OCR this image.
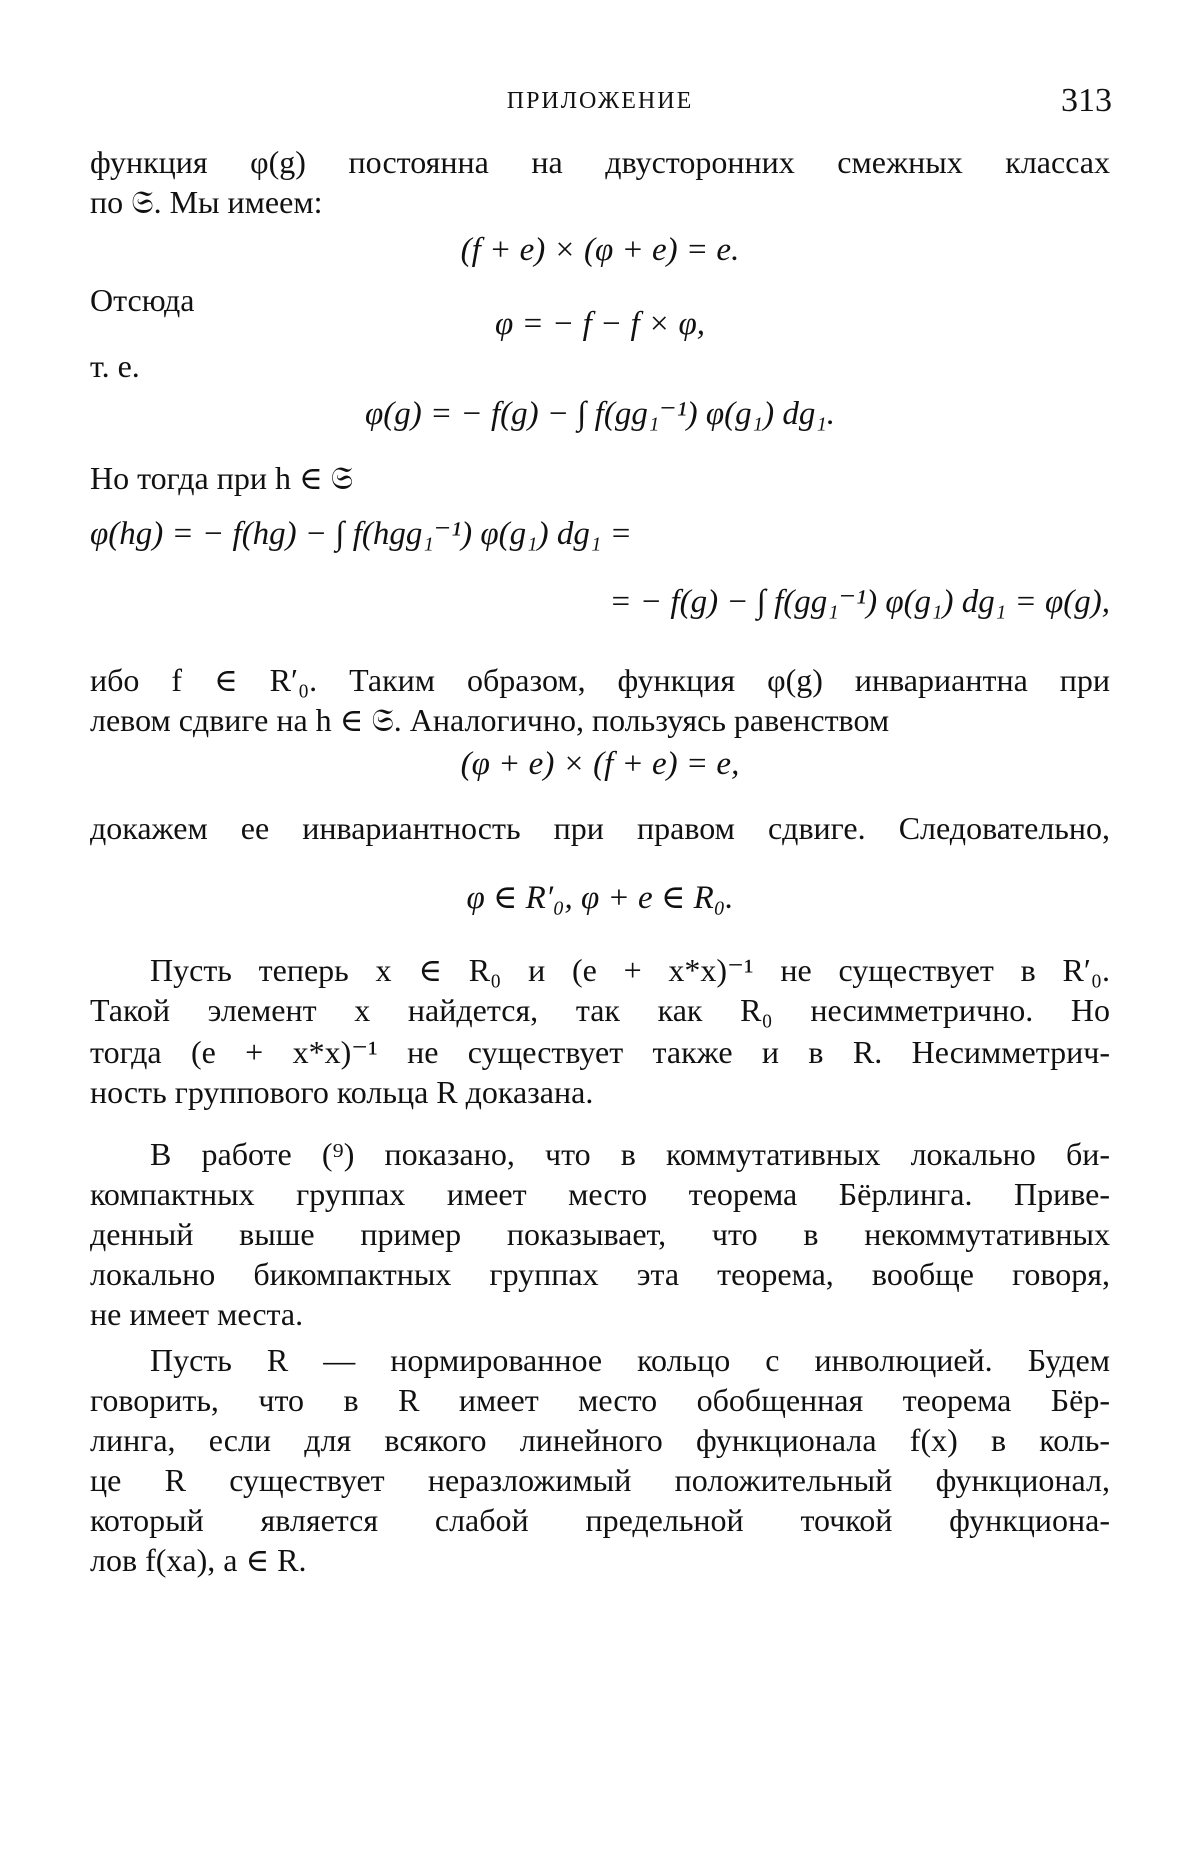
ПРИЛОЖЕНИЕ	313
функция φ(g) постоянна на двусторонних смежных классах
по 𝔖. Мы имеем:
(f + e) × (φ + e) = e.
Отсюда
φ = − f − f × φ,
т. е.
φ(g) = − f(g) − ∫ f(gg₁⁻¹) φ(g₁) dg₁.
Но тогда при h ∈ 𝔖
φ(hg) = − f(hg) − ∫ f(hgg₁⁻¹) φ(g₁) dg₁ =
= − f(g) − ∫ f(gg₁⁻¹) φ(g₁) dg₁ = φ(g),
ибо f ∈ R′₀. Таким образом, функция φ(g) инвариантна при
левом сдвиге на h ∈ 𝔖. Аналогично, пользуясь равенством
(φ + e) × (f + e) = e,
докажем ее инвариантность при правом сдвиге. Следовательно,
φ ∈ R′₀, φ + e ∈ R₀.
Пусть теперь x ∈ R₀ и (e + x*x)⁻¹ не существует в R′₀.
Такой элемент x найдется, так как R₀ несимметрично. Но
тогда (e + x*x)⁻¹ не существует также и в R. Несимметрич-
ность группового кольца R доказана.
В работе (⁹) показано, что в коммутативных локально би-
компактных группах имеет место теорема Бёрлинга. Приве-
денный выше пример показывает, что в некоммутативных
локально бикомпактных группах эта теорема, вообще говоря,
не имеет места.
Пусть R — нормированное кольцо с инволюцией. Будем
говорить, что в R имеет место обобщенная теорема Бёр-
линга, если для всякого линейного функционала f(x) в коль-
це R существует неразложимый положительный функционал,
который является слабой предельной точкой функциона-
лов f(xa), a ∈ R.
